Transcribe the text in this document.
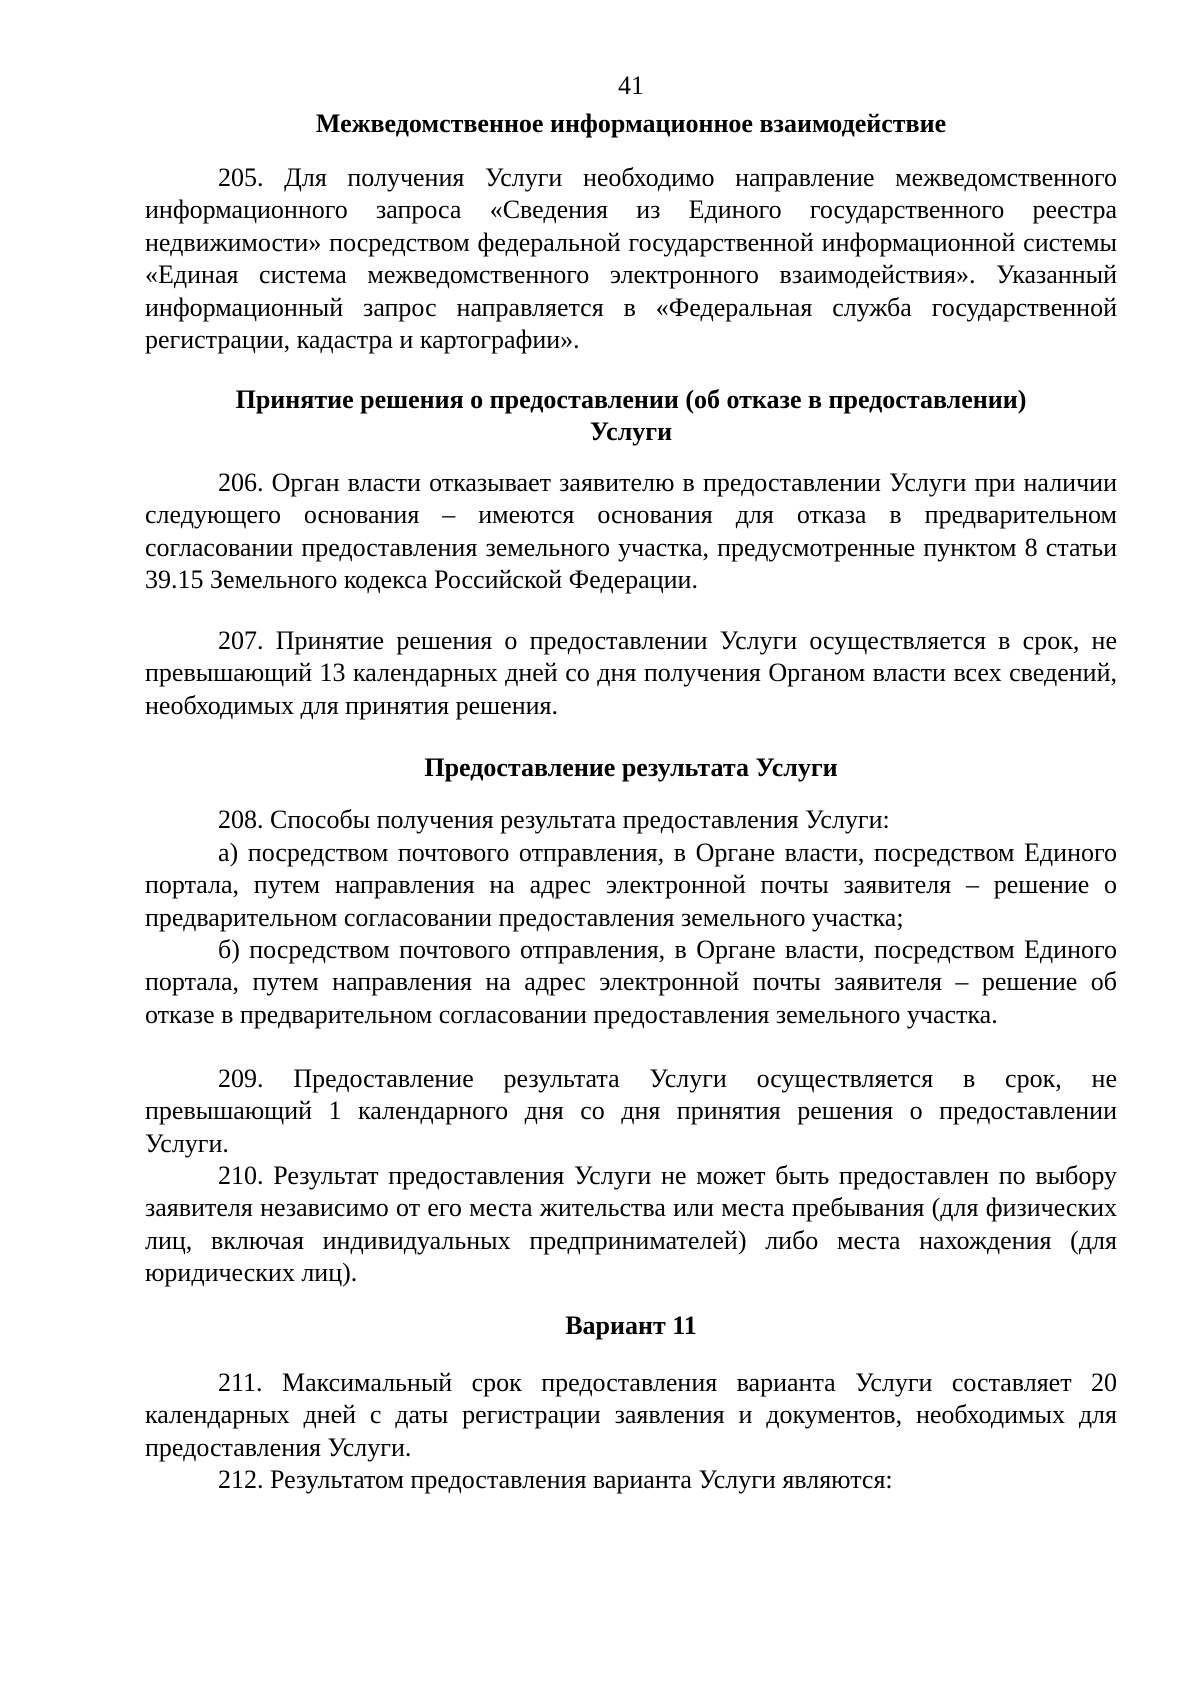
41
Межведомственное информационное взаимодействие
205. Для получения Услуги необходимо направление межведомственного информационного запроса «Сведения из Единого государственного реестра недвижимости» посредством федеральной государственной информационной системы «Единая система межведомственного электронного взаимодействия». Указанный информационный запрос направляется в «Федеральная служба государственной регистрации, кадастра и картографии».
Принятие решения о предоставлении (об отказе в предоставлении) Услуги
206. Орган власти отказывает заявителю в предоставлении Услуги при наличии следующего основания – имеются основания для отказа в предварительном согласовании предоставления земельного участка, предусмотренные пунктом 8 статьи 39.15 Земельного кодекса Российской Федерации.
207. Принятие решения о предоставлении Услуги осуществляется в срок, не превышающий 13 календарных дней со дня получения Органом власти всех сведений, необходимых для принятия решения.
Предоставление результата Услуги
208. Способы получения результата предоставления Услуги:
а) посредством почтового отправления, в Органе власти, посредством Единого портала, путем направления на адрес электронной почты заявителя – решение о предварительном согласовании предоставления земельного участка;
б) посредством почтового отправления, в Органе власти, посредством Единого портала, путем направления на адрес электронной почты заявителя – решение об отказе в предварительном согласовании предоставления земельного участка.
209. Предоставление результата Услуги осуществляется в срок, не превышающий 1 календарного дня со дня принятия решения о предоставлении Услуги.
210. Результат предоставления Услуги не может быть предоставлен по выбору заявителя независимо от его места жительства или места пребывания (для физических лиц, включая индивидуальных предпринимателей) либо места нахождения (для юридических лиц).
Вариант 11
211. Максимальный срок предоставления варианта Услуги составляет 20 календарных дней с даты регистрации заявления и документов, необходимых для предоставления Услуги.
212. Результатом предоставления варианта Услуги являются:
